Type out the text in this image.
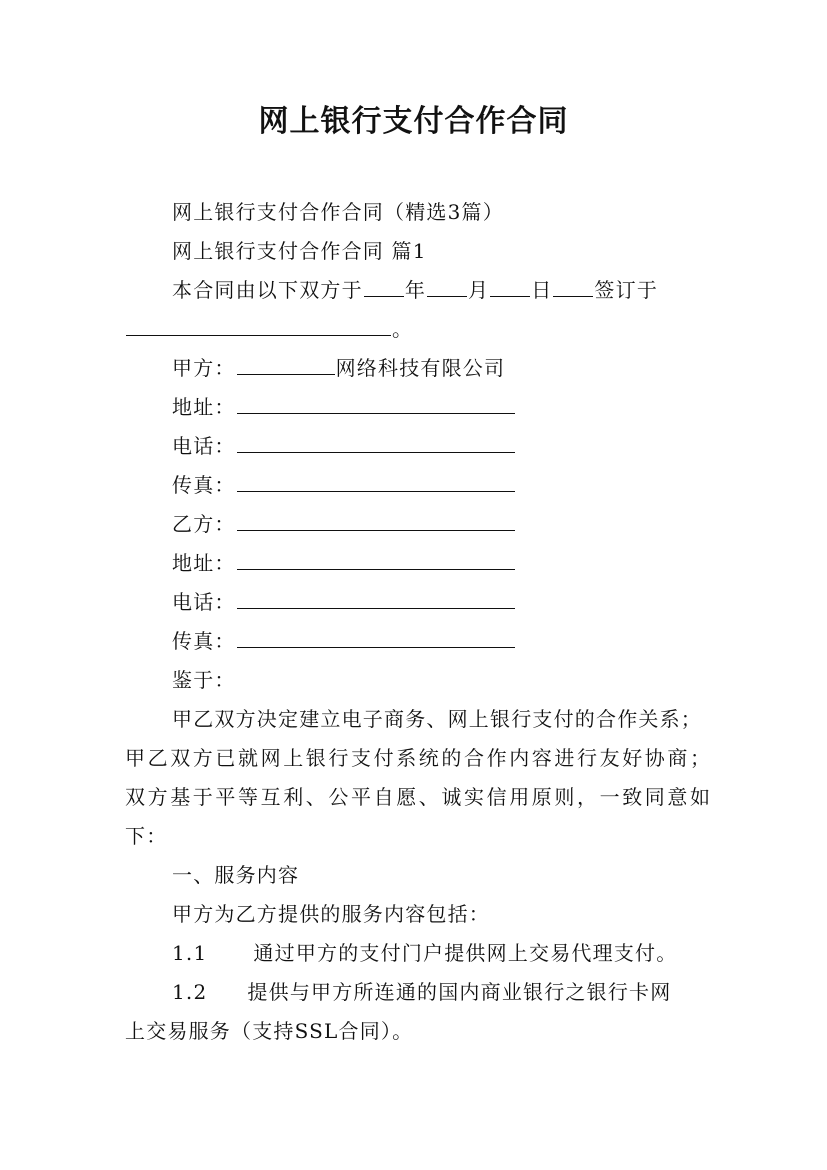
网上银行支付合作合同
网上银行支付合作合同（精选3篇）
网上银行支付合作合同 篇1
本合同由以下双方于 年 月 日 签订于
。
甲方：	网络科技有限公司
地址：
电话：
传真：
乙方：
地址：
电话：
传真：
鉴于：
甲乙双方决定建立电子商务、网上银行支付的合作关系；
甲乙双方已就网上银行支付系统的合作内容进行友好协商；
双方基于平等互利、公平自愿、诚实信用原则，一致同意如
下：
一、服务内容
甲方为乙方提供的服务内容包括：
1.1 通过甲方的支付门户提供网上交易代理支付。
1.2 提供与甲方所连通的国内商业银行之银行卡网
上交易服务（支持SSL合同）。
